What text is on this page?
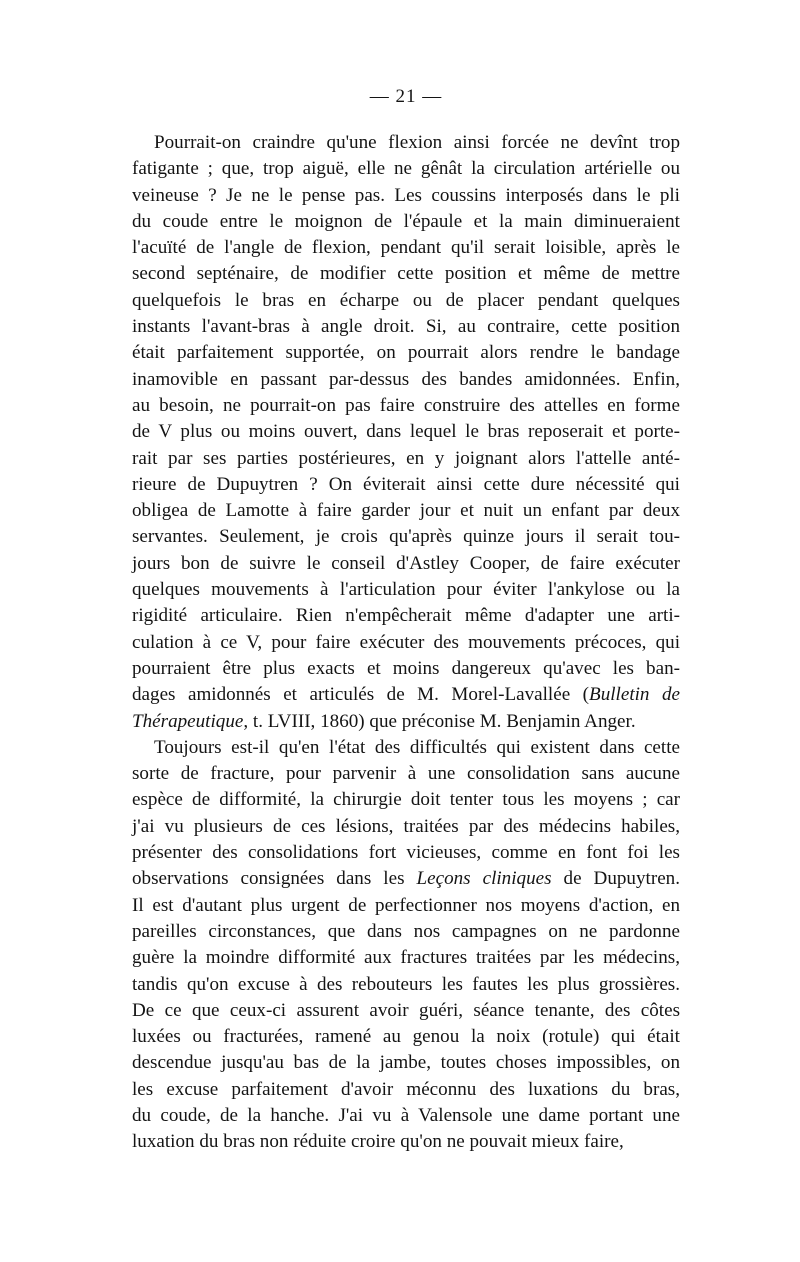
— 21 —
Pourrait-on craindre qu'une flexion ainsi forcée ne devînt trop
fatigante ; que, trop aiguë, elle ne gênât la circulation artérielle ou
veineuse ? Je ne le pense pas. Les coussins interposés dans le pli
du coude entre le moignon de l'épaule et la main diminueraient
l'acuïté de l'angle de flexion, pendant qu'il serait loisible, après le
second septénaire, de modifier cette position et même de mettre
quelquefois le bras en écharpe ou de placer pendant quelques
instants l'avant-bras à angle droit. Si, au contraire, cette position
était parfaitement supportée, on pourrait alors rendre le bandage
inamovible en passant par-dessus des bandes amidonnées. Enfin,
au besoin, ne pourrait-on pas faire construire des attelles en forme
de V plus ou moins ouvert, dans lequel le bras reposerait et porte-
rait par ses parties postérieures, en y joignant alors l'attelle anté-
rieure de Dupuytren ? On éviterait ainsi cette dure nécessité qui
obligea de Lamotte à faire garder jour et nuit un enfant par deux
servantes. Seulement, je crois qu'après quinze jours il serait tou-
jours bon de suivre le conseil d'Astley Cooper, de faire exécuter
quelques mouvements à l'articulation pour éviter l'ankylose ou la
rigidité articulaire. Rien n'empêcherait même d'adapter une arti-
culation à ce V, pour faire exécuter des mouvements précoces, qui
pourraient être plus exacts et moins dangereux qu'avec les ban-
dages amidonnés et articulés de M. Morel-Lavallée (Bulletin de
Thérapeutique, t. LVIII, 1860) que préconise M. Benjamin Anger.
Toujours est-il qu'en l'état des difficultés qui existent dans cette
sorte de fracture, pour parvenir à une consolidation sans aucune
espèce de difformité, la chirurgie doit tenter tous les moyens ; car
j'ai vu plusieurs de ces lésions, traitées par des médecins habiles,
présenter des consolidations fort vicieuses, comme en font foi les
observations consignées dans les Leçons cliniques de Dupuytren.
Il est d'autant plus urgent de perfectionner nos moyens d'action, en
pareilles circonstances, que dans nos campagnes on ne pardonne
guère la moindre difformité aux fractures traitées par les médecins,
tandis qu'on excuse à des rebouteurs les fautes les plus grossières.
De ce que ceux-ci assurent avoir guéri, séance tenante, des côtes
luxées ou fracturées, ramené au genou la noix (rotule) qui était
descendue jusqu'au bas de la jambe, toutes choses impossibles, on
les excuse parfaitement d'avoir méconnu des luxations du bras,
du coude, de la hanche. J'ai vu à Valensole une dame portant une
luxation du bras non réduite croire qu'on ne pouvait mieux faire,
